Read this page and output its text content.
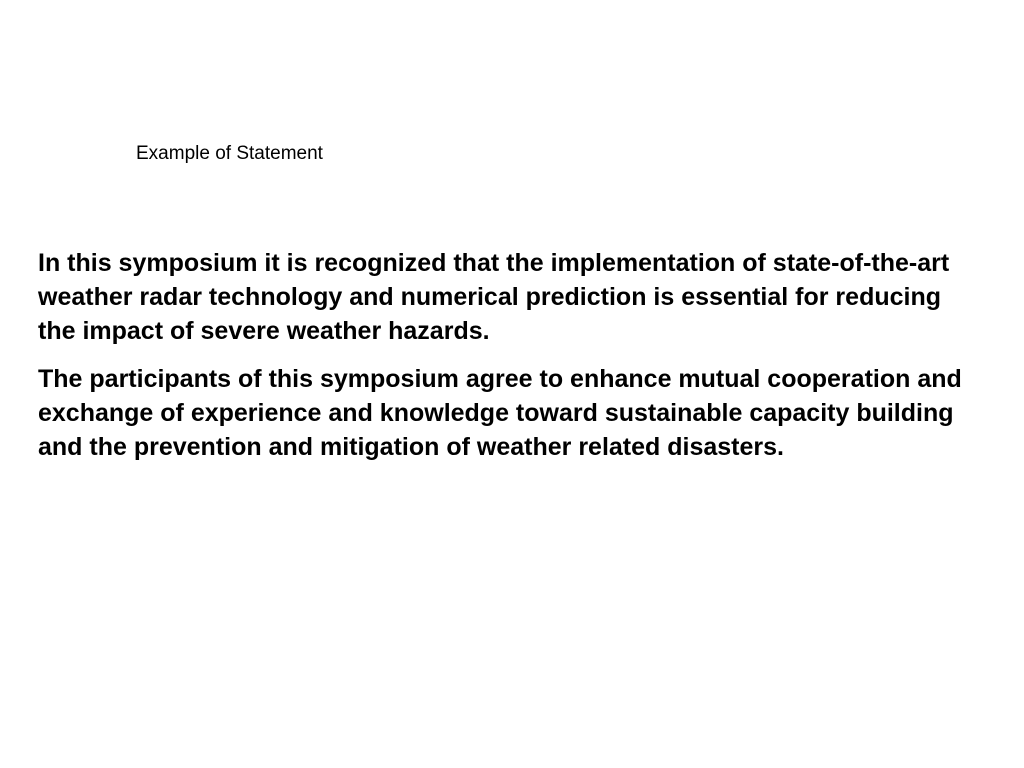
Example of Statement

In this symposium it is recognized that the implementation of state-of-the-art weather radar technology and numerical prediction is essential for reducing the impact of severe weather hazards.

The participants of this symposium agree to enhance mutual cooperation and exchange of experience and knowledge toward sustainable capacity building and the prevention and mitigation of weather related disasters.
